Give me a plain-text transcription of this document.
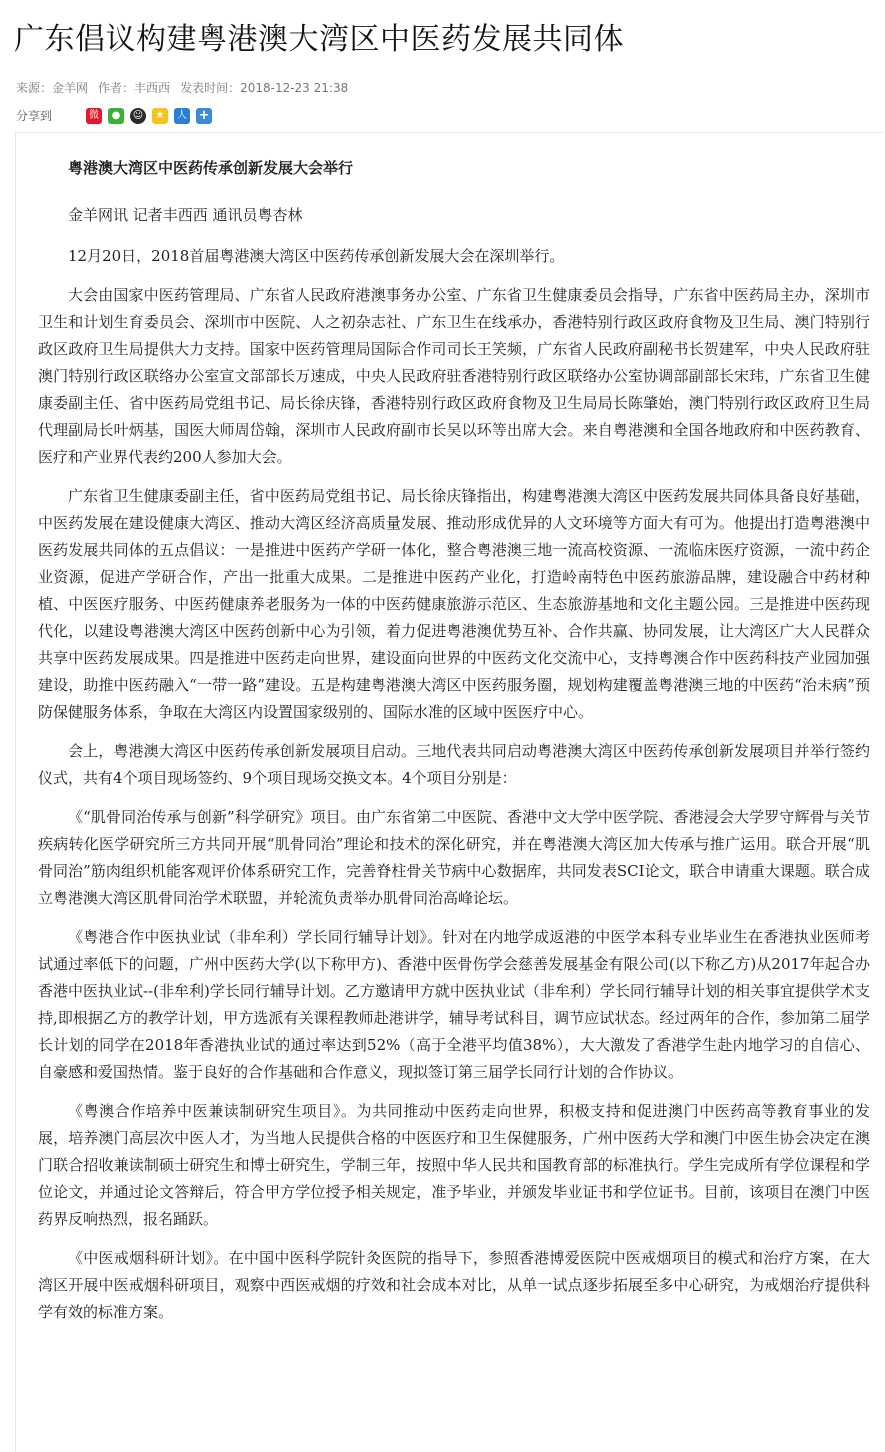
广东倡议构建粤港澳大湾区中医药发展共同体
来源：金羊网 作者：丰西西 发表时间：2018-12-23 21:38
分享到	微	●	☺	★	人 +

粤港澳大湾区中医药传承创新发展大会举行

金羊网讯 记者丰西西 通讯员粤杏林

12月20日，2018首届粤港澳大湾区中医药传承创新发展大会在深圳举行。

大会由国家中医药管理局、广东省人民政府港澳事务办公室、广东省卫生健康委员会指导，广东省中医药局主办，深圳市卫生和计划生育委员会、深圳市中医院、人之初杂志社、广东卫生在线承办，香港特别行政区政府食物及卫生局、澳门特别行政区政府卫生局提供大力支持。国家中医药管理局国际合作司司长王笑频，广东省人民政府副秘书长贺建军，中央人民政府驻澳门特别行政区联络办公室宣文部部长万速成，中央人民政府驻香港特别行政区联络办公室协调部副部长宋玮，广东省卫生健康委副主任、省中医药局党组书记、局长徐庆锋，香港特别行政区政府食物及卫生局局长陈肇始，澳门特别行政区政府卫生局代理副局长叶炳基，国医大师周岱翰，深圳市人民政府副市长吴以环等出席大会。来自粤港澳和全国各地政府和中医药教育、医疗和产业界代表约200人参加大会。

广东省卫生健康委副主任，省中医药局党组书记、局长徐庆锋指出，构建粤港澳大湾区中医药发展共同体具备良好基础，中医药发展在建设健康大湾区、推动大湾区经济高质量发展、推动形成优异的人文环境等方面大有可为。他提出打造粤港澳中医药发展共同体的五点倡议：一是推进中医药产学研一体化，整合粤港澳三地一流高校资源、一流临床医疗资源，一流中药企业资源，促进产学研合作，产出一批重大成果。二是推进中医药产业化，打造岭南特色中医药旅游品牌，建设融合中药材种植、中医医疗服务、中医药健康养老服务为一体的中医药健康旅游示范区、生态旅游基地和文化主题公园。三是推进中医药现代化，以建设粤港澳大湾区中医药创新中心为引领，着力促进粤港澳优势互补、合作共赢、协同发展，让大湾区广大人民群众共享中医药发展成果。四是推进中医药走向世界，建设面向世界的中医药文化交流中心，支持粤澳合作中医药科技产业园加强建设，助推中医药融入“一带一路”建设。五是构建粤港澳大湾区中医药服务圈，规划构建覆盖粤港澳三地的中医药“治未病”预防保健服务体系，争取在大湾区内设置国家级别的、国际水准的区域中医医疗中心。

会上，粤港澳大湾区中医药传承创新发展项目启动。三地代表共同启动粤港澳大湾区中医药传承创新发展项目并举行签约仪式，共有4个项目现场签约、9个项目现场交换文本。4个项目分别是：

《“肌骨同治传承与创新”科学研究》项目。由广东省第二中医院、香港中文大学中医学院、香港浸会大学罗守辉骨与关节疾病转化医学研究所三方共同开展“肌骨同治”理论和技术的深化研究，并在粤港澳大湾区加大传承与推广运用。联合开展“肌骨同治”筋肉组织机能客观评价体系研究工作，完善脊柱骨关节病中心数据库，共同发表SCI论文，联合申请重大课题。联合成立粤港澳大湾区肌骨同治学术联盟，并轮流负责举办肌骨同治高峰论坛。

《粤港合作中医执业试（非牟利）学长同行辅导计划》。针对在内地学成返港的中医学本科专业毕业生在香港执业医师考试通过率低下的问题，广州中医药大学(以下称甲方)、香港中医骨伤学会慈善发展基金有限公司(以下称乙方)从2017年起合办香港中医执业试--(非牟利)学长同行辅导计划。乙方邀请甲方就中医执业试（非牟利）学长同行辅导计划的相关事宜提供学术支持,即根据乙方的教学计划，甲方选派有关课程教师赴港讲学，辅导考试科目，调节应试状态。经过两年的合作，参加第二届学长计划的同学在2018年香港执业试的通过率达到52%（高于全港平均值38%），大大激发了香港学生赴内地学习的自信心、自豪感和爱国热情。鉴于良好的合作基础和合作意义，现拟签订第三届学长同行计划的合作协议。

《粤澳合作培养中医兼读制研究生项目》。为共同推动中医药走向世界，积极支持和促进澳门中医药高等教育事业的发展，培养澳门高层次中医人才，为当地人民提供合格的中医医疗和卫生保健服务，广州中医药大学和澳门中医生协会决定在澳门联合招收兼读制硕士研究生和博士研究生，学制三年，按照中华人民共和国教育部的标准执行。学生完成所有学位课程和学位论文，并通过论文答辩后，符合甲方学位授予相关规定，准予毕业，并颁发毕业证书和学位证书。目前，该项目在澳门中医药界反响热烈，报名踊跃。

《中医戒烟科研计划》。在中国中医科学院针灸医院的指导下，参照香港博爱医院中医戒烟项目的模式和治疗方案，在大湾区开展中医戒烟科研项目，观察中西医戒烟的疗效和社会成本对比，从单一试点逐步拓展至多中心研究，为戒烟治疗提供科学有效的标准方案。
